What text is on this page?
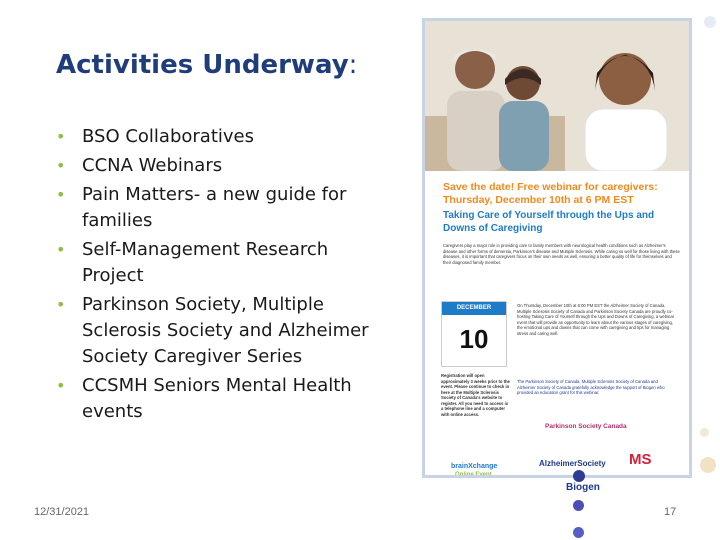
Activities Underway:
• BSO Collaboratives
• CCNA Webinars
• Pain Matters- a new guide for families
• Self-Management Research Project
• Parkinson Society, Multiple Sclerosis Society and Alzheimer Society Caregiver Series
• CCSMH Seniors Mental Health events
Save the date! Free webinar for caregivers: Thursday, December 10th at 6 PM EST
Taking Care of Yourself through the Ups and Downs of Caregiving
Caregivers play a major role in providing care to family members with neurological health conditions such as Alzheimer's disease and other forms of dementia, Parkinson's disease and Multiple Sclerosis. While caring so well for those living with these diseases, it is important that caregivers focus on their own needs as well, ensuring a better quality of life for themselves and their diagnosed family member.
DECEMBER
10
On Thursday, December 10th at 6:00 PM EST the Alzheimer Society of Canada, Multiple Sclerosis Society of Canada and Parkinson Society Canada are proudly co-hosting Taking Care of Yourself through the Ups and Downs of Caregiving, a webinar event that will provide an opportunity to learn about the various stages of caregiving, the emotional ups and downs that can come with caregiving and tips for managing stress and caring well.
Registration will open approximately 3 weeks prior to the event. Please continue to check in here at the Multiple Sclerosis Society of Canada's website to register. All you need to access is a telephone line and a computer with online access.
The Parkinson Society of Canada, Multiple Sclerosis Society of Canada and Alzheimer Society of Canada gratefully acknowledge the support of Biogen who provided an education grant for this webinar.
Parkinson Society Canada
AlzheimerSociety MS
brainXchange
Online Event
Biogen
12/31/2021	17
